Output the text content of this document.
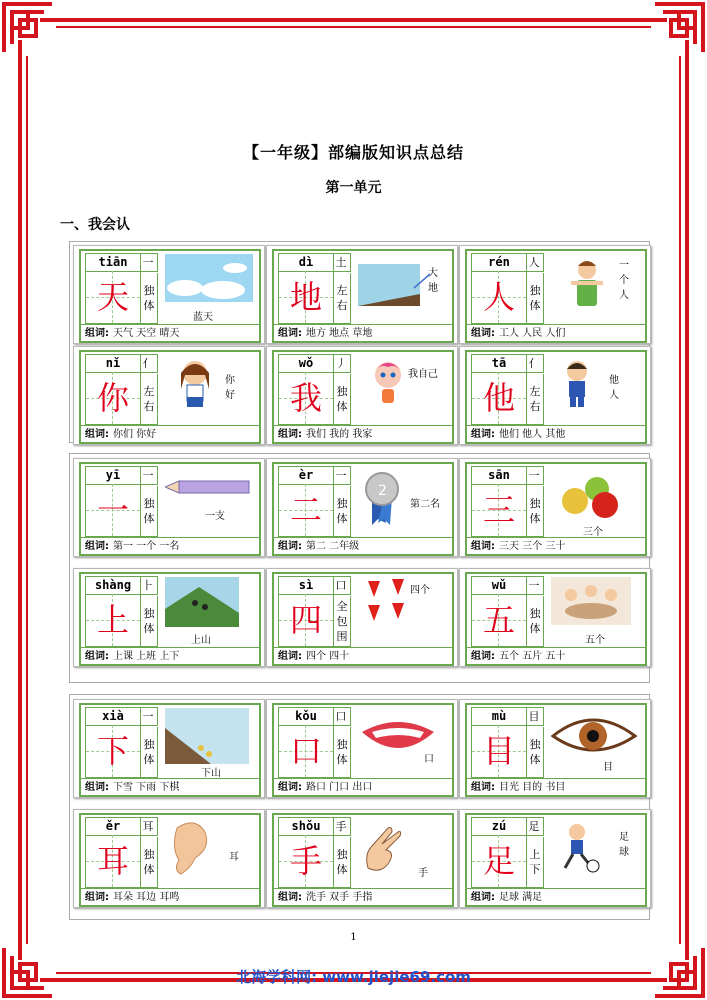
【一年级】部编版知识点总结
第一单元
一、我会认
tiān	一
天	独
体
蓝天
组词: 天气 天空 晴天
dì	土
地	左
右
大地
组词: 地方 地点 草地
rén	人
人	独
体
一个人
组词: 工人 人民 人们
nǐ	亻
你	左
右
你好
组词: 你们 你好
wǒ	丿
我	独
体
我自己
组词: 我们 我的 我家
tā	亻
他	左
右
他人
组词: 他们 他人 其他
yī	一
一	独
体	一支
组词: 第一 一个 一名
èr	一
二	独
体
2
第二名
组词: 第二 二年级
sān	一
三	独
体
三个
组词: 三天 三个 三十
shàng	⺊
上	独
体
上山
组词: 上课 上班 上下
sì	口
四	全
包
围
四个
组词: 四个 四十
wǔ	一
五	独
体
五个
组词: 五个 五片 五十
xià	一
下	独
体
下山
组词: 下雪 下雨 下棋
kǒu	口
口	独
体	口
组词: 路口 门口 出口
mù	目
目	独
体
目
组词: 目光 目的 书目
ěr	耳
耳	独
体
耳
组词: 耳朵 耳边 耳鸣
shǒu	手
手	独
体	手
组词: 洗手 双手 手指
zú	足
足	上
下
足球
组词: 足球 满足
1
北海学科网: www.jiejie69.com
